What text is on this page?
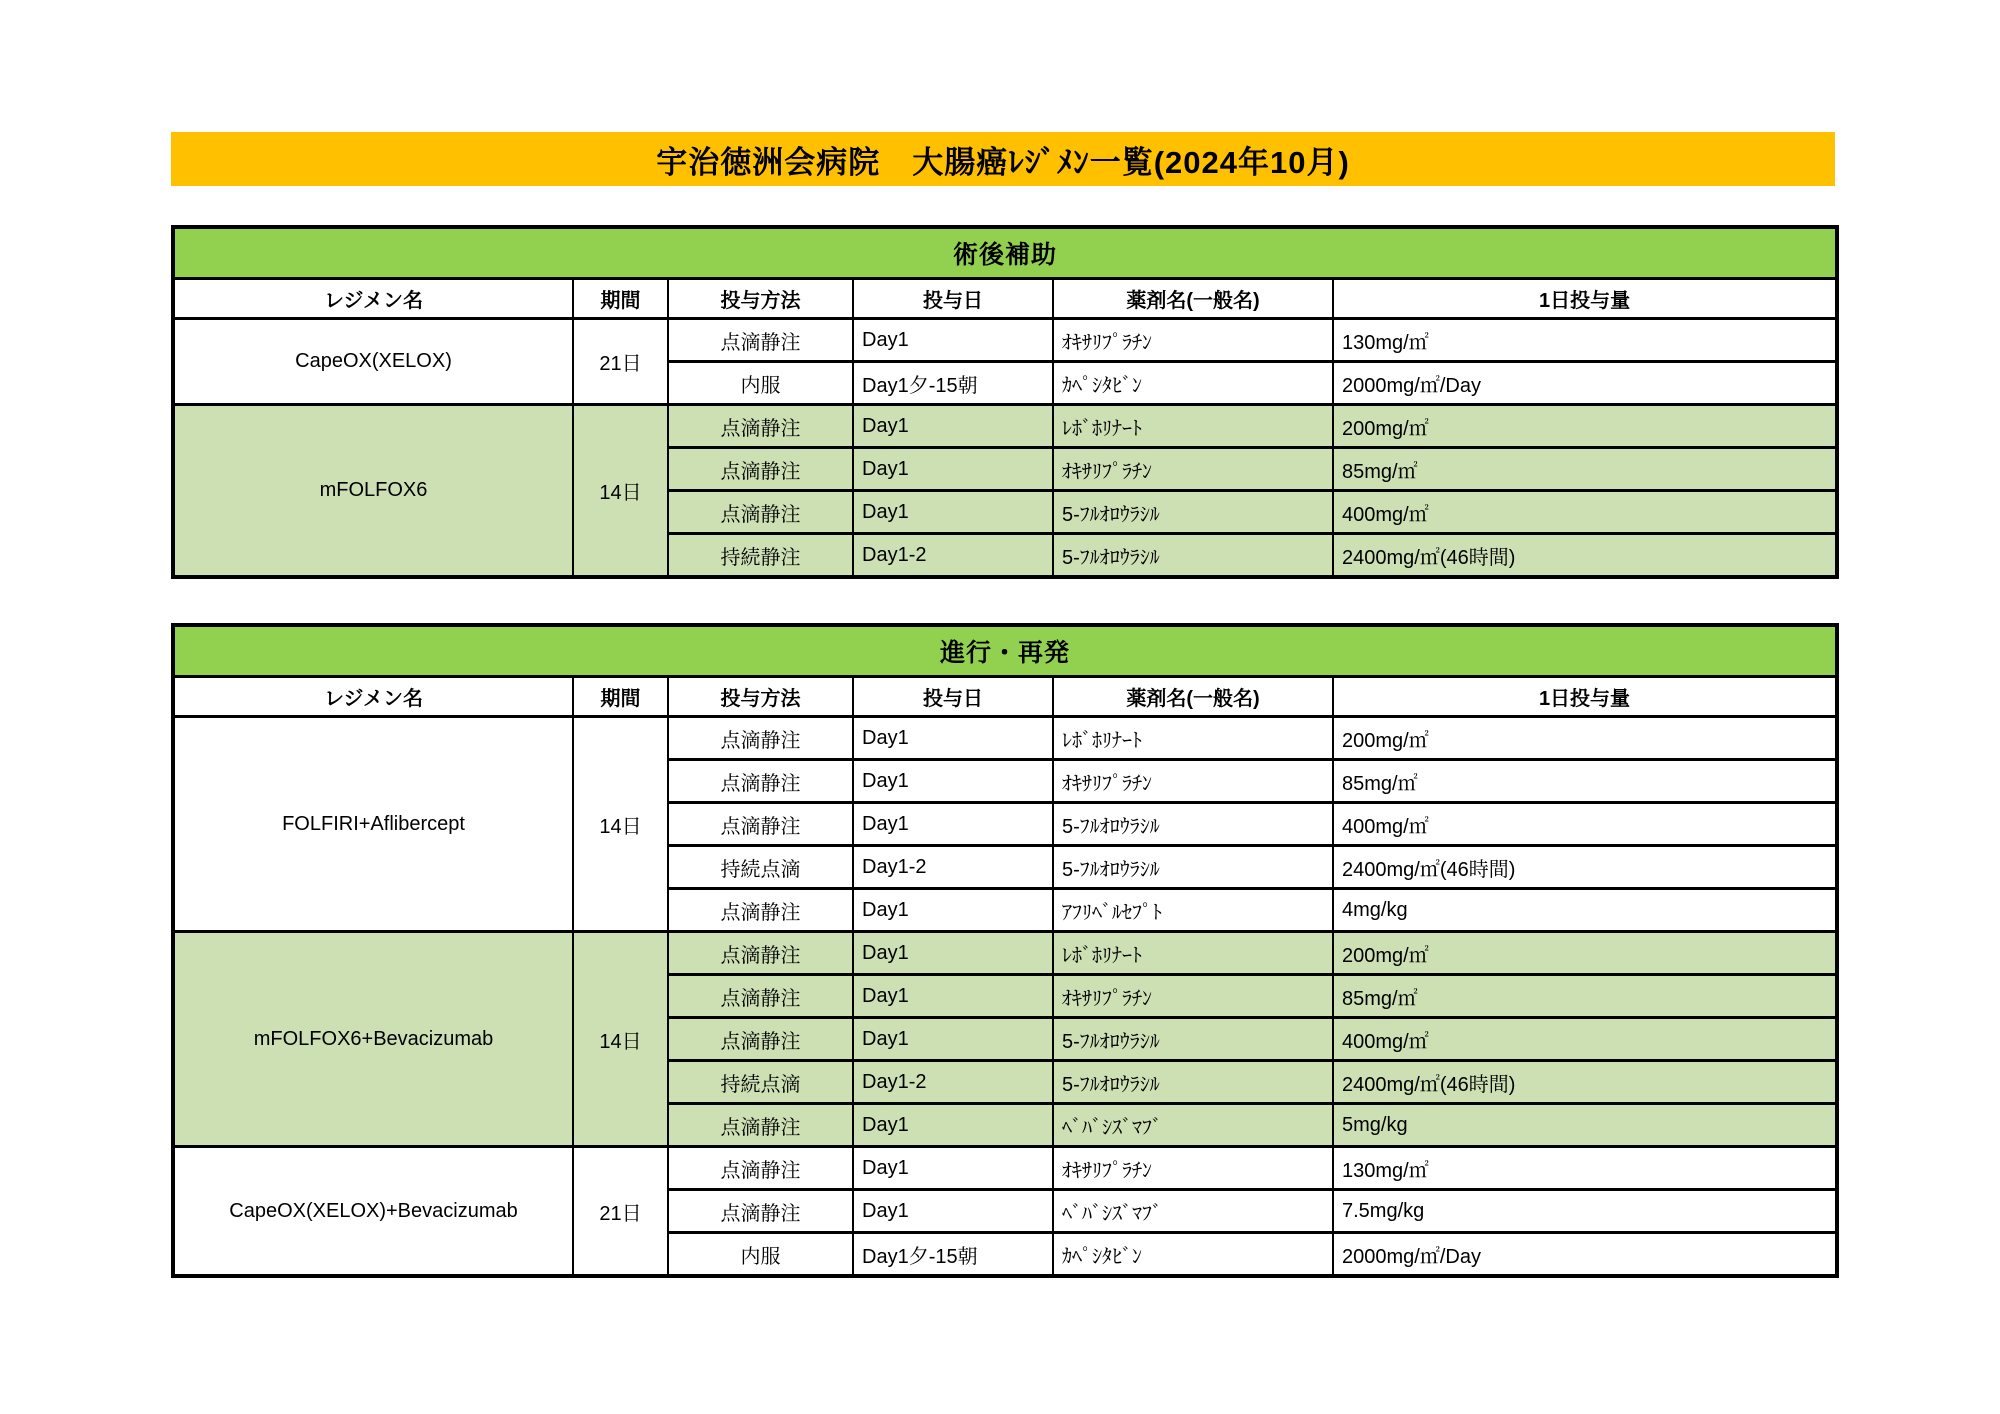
宇治徳洲会病院　大腸癌ﾚｼﾞﾒﾝ一覧(2024年10月)
術後補助					
レジメン名	期間	投与方法	投与日	薬剤名(一般名)	1日投与量
CapeOX(XELOX)	21日	点滴静注	Day1	ｵｷｻﾘﾌﾟﾗﾁﾝ	130mg/㎡
		内服	Day1夕-15朝	ｶﾍﾟｼﾀﾋﾞﾝ	2000mg/㎡/Day
mFOLFOX6	14日	点滴静注	Day1	ﾚﾎﾞﾎﾘﾅｰﾄ	200mg/㎡
		点滴静注	Day1	ｵｷｻﾘﾌﾟﾗﾁﾝ	85mg/㎡
		点滴静注	Day1	5-ﾌﾙｵﾛｳﾗｼﾙ	400mg/㎡
		持続静注	Day1-2	5-ﾌﾙｵﾛｳﾗｼﾙ	2400mg/㎡(46時間)
進行・再発					
レジメン名	期間	投与方法	投与日	薬剤名(一般名)	1日投与量
FOLFIRI+Aflibercept	14日	点滴静注	Day1	ﾚﾎﾞﾎﾘﾅｰﾄ	200mg/㎡
		点滴静注	Day1	ｵｷｻﾘﾌﾟﾗﾁﾝ	85mg/㎡
		点滴静注	Day1	5-ﾌﾙｵﾛｳﾗｼﾙ	400mg/㎡
		持続点滴	Day1-2	5-ﾌﾙｵﾛｳﾗｼﾙ	2400mg/㎡(46時間)
		点滴静注	Day1	ｱﾌﾘﾍﾞﾙｾﾌﾟﾄ	4mg/kg
mFOLFOX6+Bevacizumab	14日	点滴静注	Day1	ﾚﾎﾞﾎﾘﾅｰﾄ	200mg/㎡
		点滴静注	Day1	ｵｷｻﾘﾌﾟﾗﾁﾝ	85mg/㎡
		点滴静注	Day1	5-ﾌﾙｵﾛｳﾗｼﾙ	400mg/㎡
		持続点滴	Day1-2	5-ﾌﾙｵﾛｳﾗｼﾙ	2400mg/㎡(46時間)
		点滴静注	Day1	ﾍﾞﾊﾞｼｽﾞﾏﾌﾞ	5mg/kg
CapeOX(XELOX)+Bevacizumab	21日	点滴静注	Day1	ｵｷｻﾘﾌﾟﾗﾁﾝ	130mg/㎡
		点滴静注	Day1	ﾍﾞﾊﾞｼｽﾞﾏﾌﾞ	7.5mg/kg
		内服	Day1夕-15朝	ｶﾍﾟｼﾀﾋﾞﾝ	2000mg/㎡/Day
